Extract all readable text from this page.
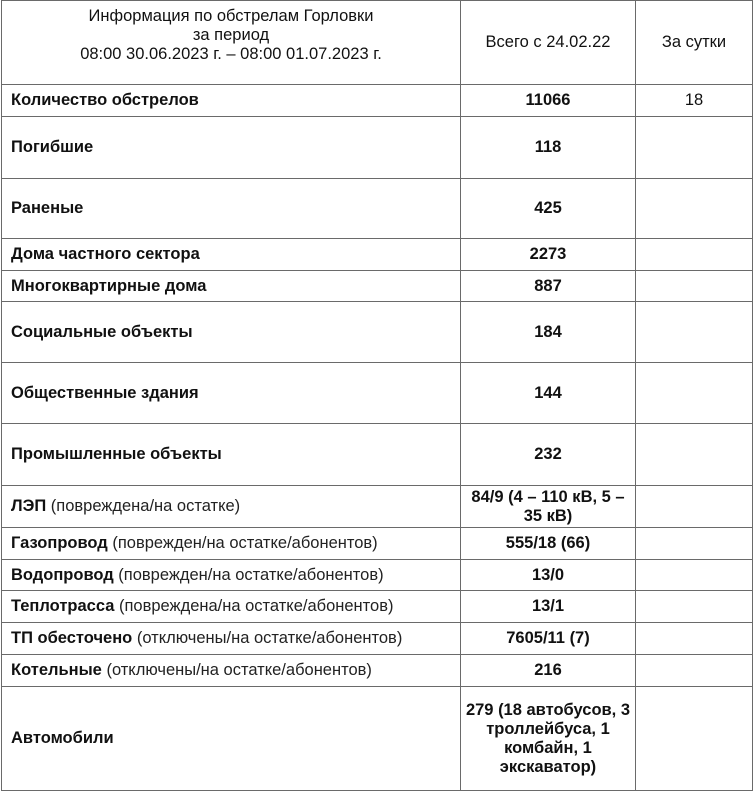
Информация по обстрелам Горловки
за период
08:00 30.06.2023 г. – 08:00 01.07.2023 г.	Всего с 24.02.22	За сутки
Количество обстрелов	11066	18
Погибшие	118	

Раненые	425	

Дома частного сектора	2273	

Многоквартирные дома	887	

Социальные объекты	184	

Общественные здания	144	

Промышленные объекты	232	

ЛЭП (повреждена/на остатке)	84/9 (4 – 110 кВ, 5 – 35 кВ)	

Газопровод (поврежден/на остатке/абонентов)	555/18 (66)	

Водопровод (поврежден/на остатке/абонентов)	13/0	

Теплотрасса (повреждена/на остатке/абонентов)	13/1	

ТП обесточено (отключены/на остатке/абонентов)	7605/11 (7)	

Котельные (отключены/на остатке/абонентов)	216	

Автомобили	279 (18 автобусов, 3 троллейбуса, 1 комбайн, 1 экскаватор)	
